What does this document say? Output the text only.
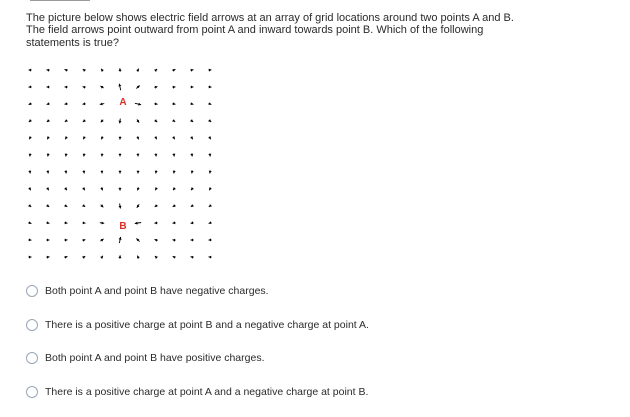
The picture below shows electric field arrows at an array of grid locations around two points A and B. The field arrows point outward from point A and inward towards point B. Which of the following statements is true?
A
B
Both point A and point B have negative charges.
There is a positive charge at point B and a negative charge at point A.
Both point A and point B have positive charges.
There is a positive charge at point A and a negative charge at point B.
